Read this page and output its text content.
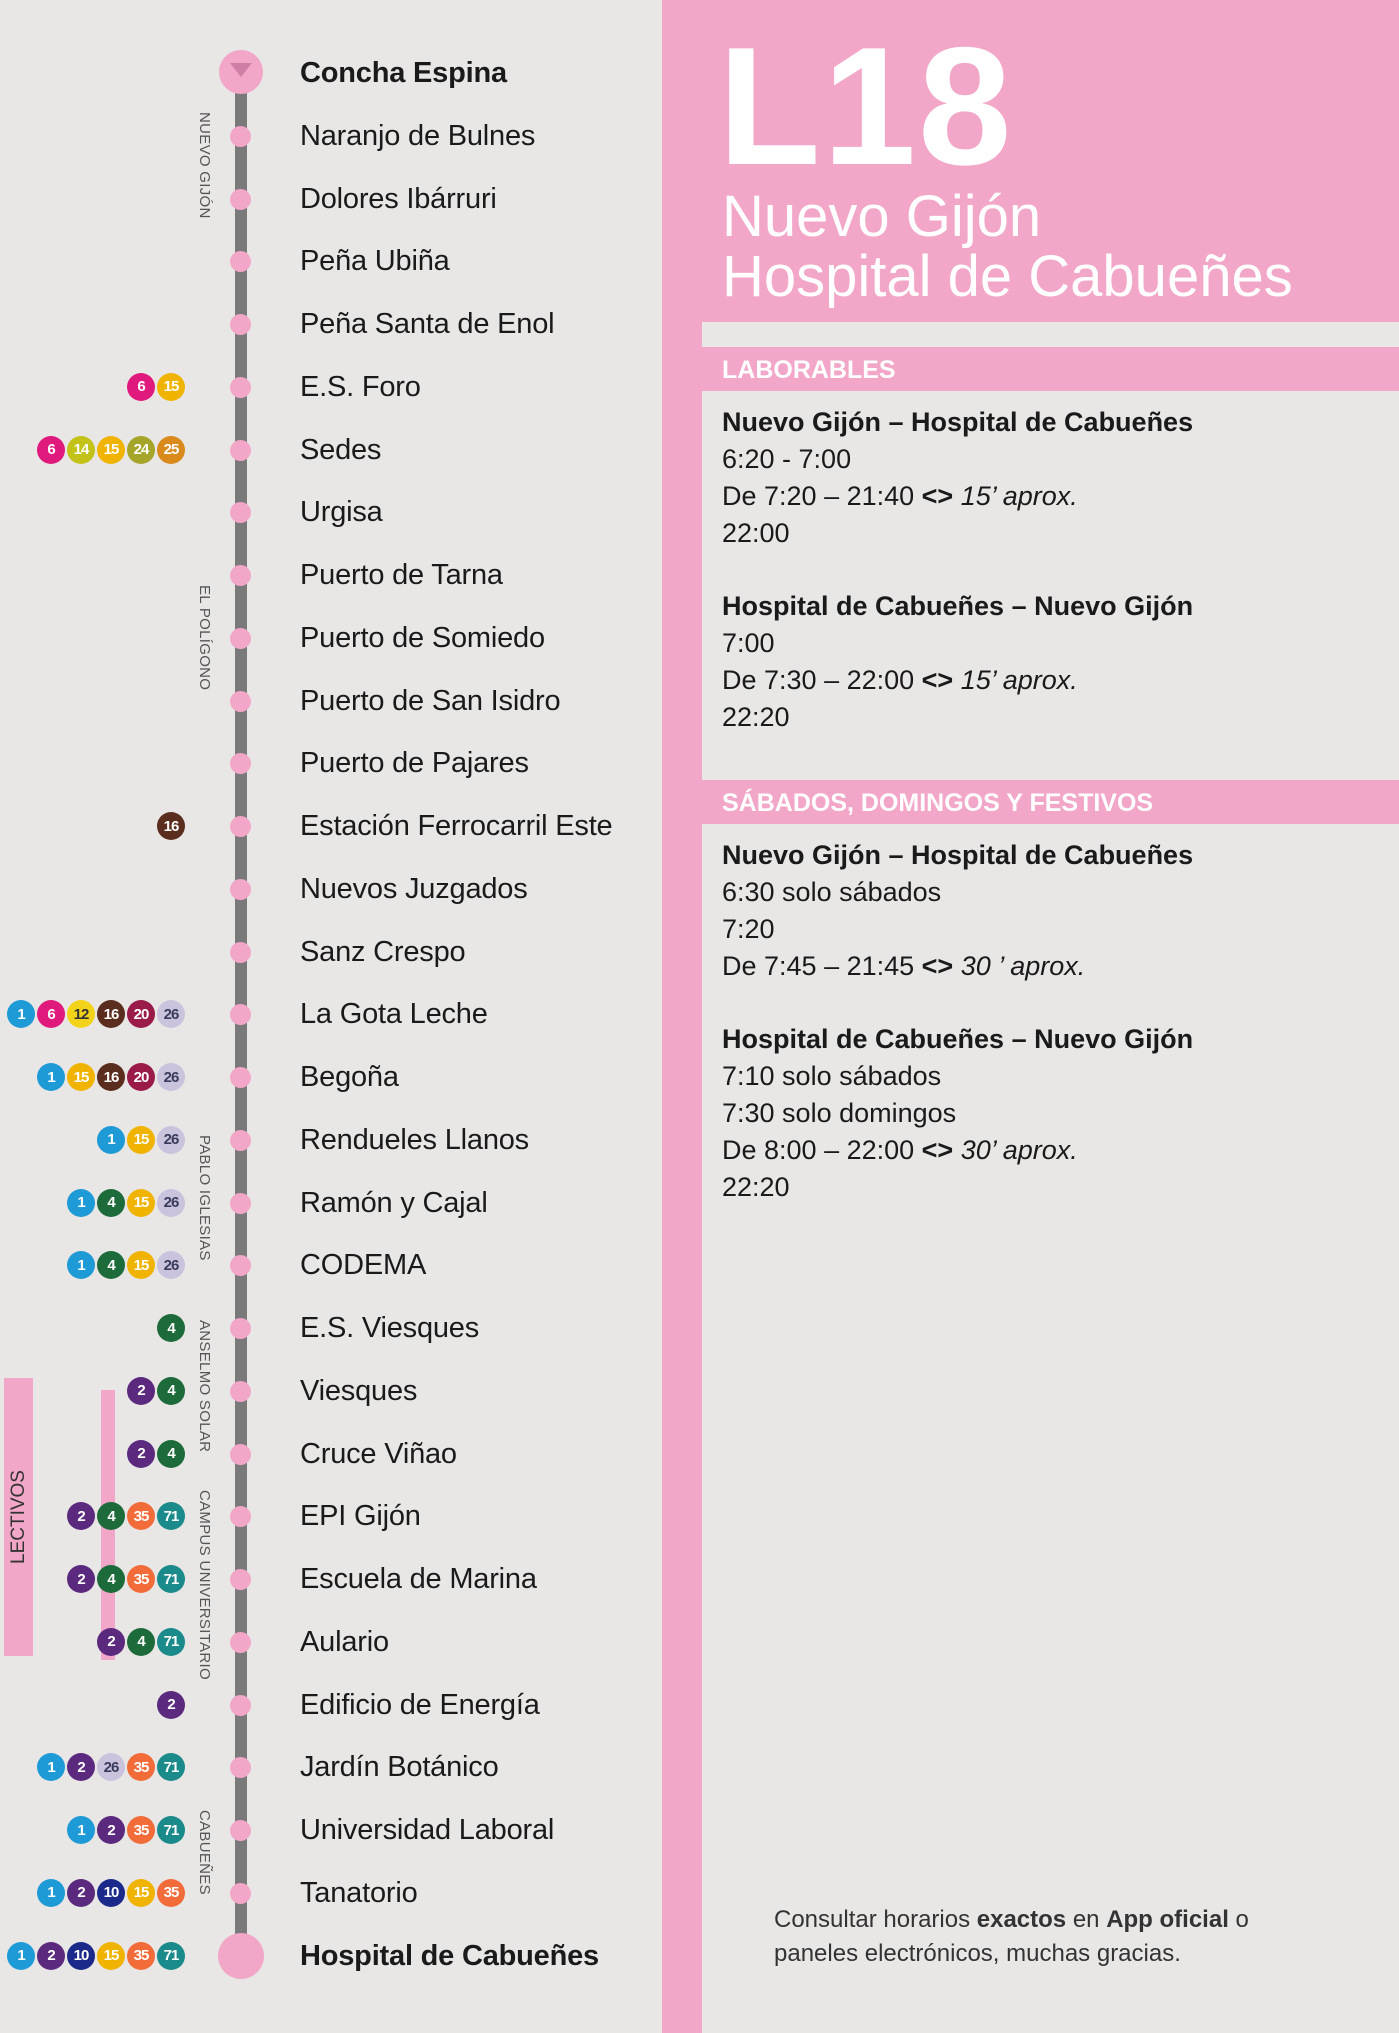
LECTIVOS
NUEVO GIJÓN
EL POLÍGONO
PABLO IGLESIAS
ANSELMO SOLAR
CAMPUS UNIVERSITARIO
CABUEÑES
Concha Espina
Naranjo de Bulnes
Dolores Ibárruri
Peña Ubiña
Peña Santa de Enol
E.S. Foro
6	15
Sedes
6	14	15	24	25
Urgisa
Puerto de Tarna
Puerto de Somiedo
Puerto de San Isidro
Puerto de Pajares
Estación Ferrocarril Este
16
Nuevos Juzgados
Sanz Crespo
La Gota Leche
1	6	12	16	20	26
Begoña
1	15	16	20	26
Rendueles Llanos
1	15	26
Ramón y Cajal
1	4	15	26
CODEMA
1	4	15	26
E.S. Viesques
4
Viesques
2	4
Cruce Viñao
2	4
EPI Gijón
2	4	35	71
Escuela de Marina
2	4	35	71
Aulario
2	4	71
Edificio de Energía
2
Jardín Botánico
1	2	26	35	71
Universidad Laboral
1	2	35	71
Tanatorio
1	2	10	15	35
Hospital de Cabueñes
1	2	10	15	35	71
L18
Nuevo Gijón
Hospital de Cabueñes
LABORABLES
Nuevo Gijón – Hospital de Cabueñes
6:20 - 7:00
De 7:20 – 21:40 <> 15’ aprox.
22:00
Hospital de Cabueñes – Nuevo Gijón
7:00
De 7:30 – 22:00 <> 15’ aprox.
22:20
SÁBADOS, DOMINGOS Y FESTIVOS
Nuevo Gijón – Hospital de Cabueñes
6:30 solo sábados
7:20
De 7:45 – 21:45 <> 30 ’ aprox.
Hospital de Cabueñes – Nuevo Gijón
7:10 solo sábados
7:30 solo domingos
De 8:00 – 22:00 <> 30’ aprox.
22:20
Consultar horarios exactos en App oficial o
paneles electrónicos, muchas gracias.
